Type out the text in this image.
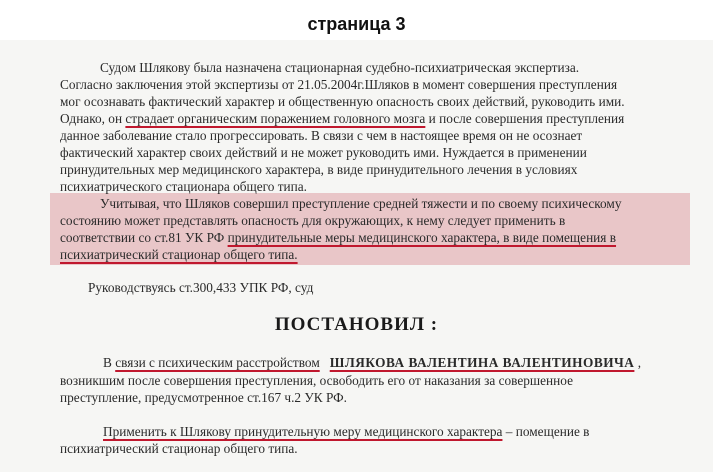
страница 3
Судом Шлякову была назначена стационарная судебно-психиатрическая экспертиза.
Согласно заключения этой экспертизы от 21.05.2004г.Шляков в момент совершения преступления
мог осознавать фактический характер и общественную опасность своих действий, руководить ими.
Однако, он страдает органическим поражением головного мозга и после совершения преступления
данное заболевание стало прогрессировать. В связи с чем в настоящее время он не осознает
фактический характер своих действий и не может руководить ими. Нуждается в применении
принудительных мер медицинского характера, в виде принудительного лечения в условиях
психиатрического стационара общего типа.
Учитывая, что Шляков совершил преступление средней тяжести и по своему психическому
состоянию может представлять опасность для окружающих, к нему следует применить в
соответствии со ст.81 УК РФ принудительные меры медицинского характера, в виде помещения в
психиатрический стационар общего типа.
Руководствуясь ст.300,433 УПК РФ, суд
ПОСТАНОВИЛ :
В связи с психическим расстройством ШЛЯКОВА ВАЛЕНТИНА ВАЛЕНТИНОВИЧА ,
возникшим после совершения преступления, освободить его от наказания за совершенное
преступление, предусмотренное ст.167 ч.2 УК РФ.
Применить к Шлякову принудительную меру медицинского характера – помещение в
психиатрический стационар общего типа.
